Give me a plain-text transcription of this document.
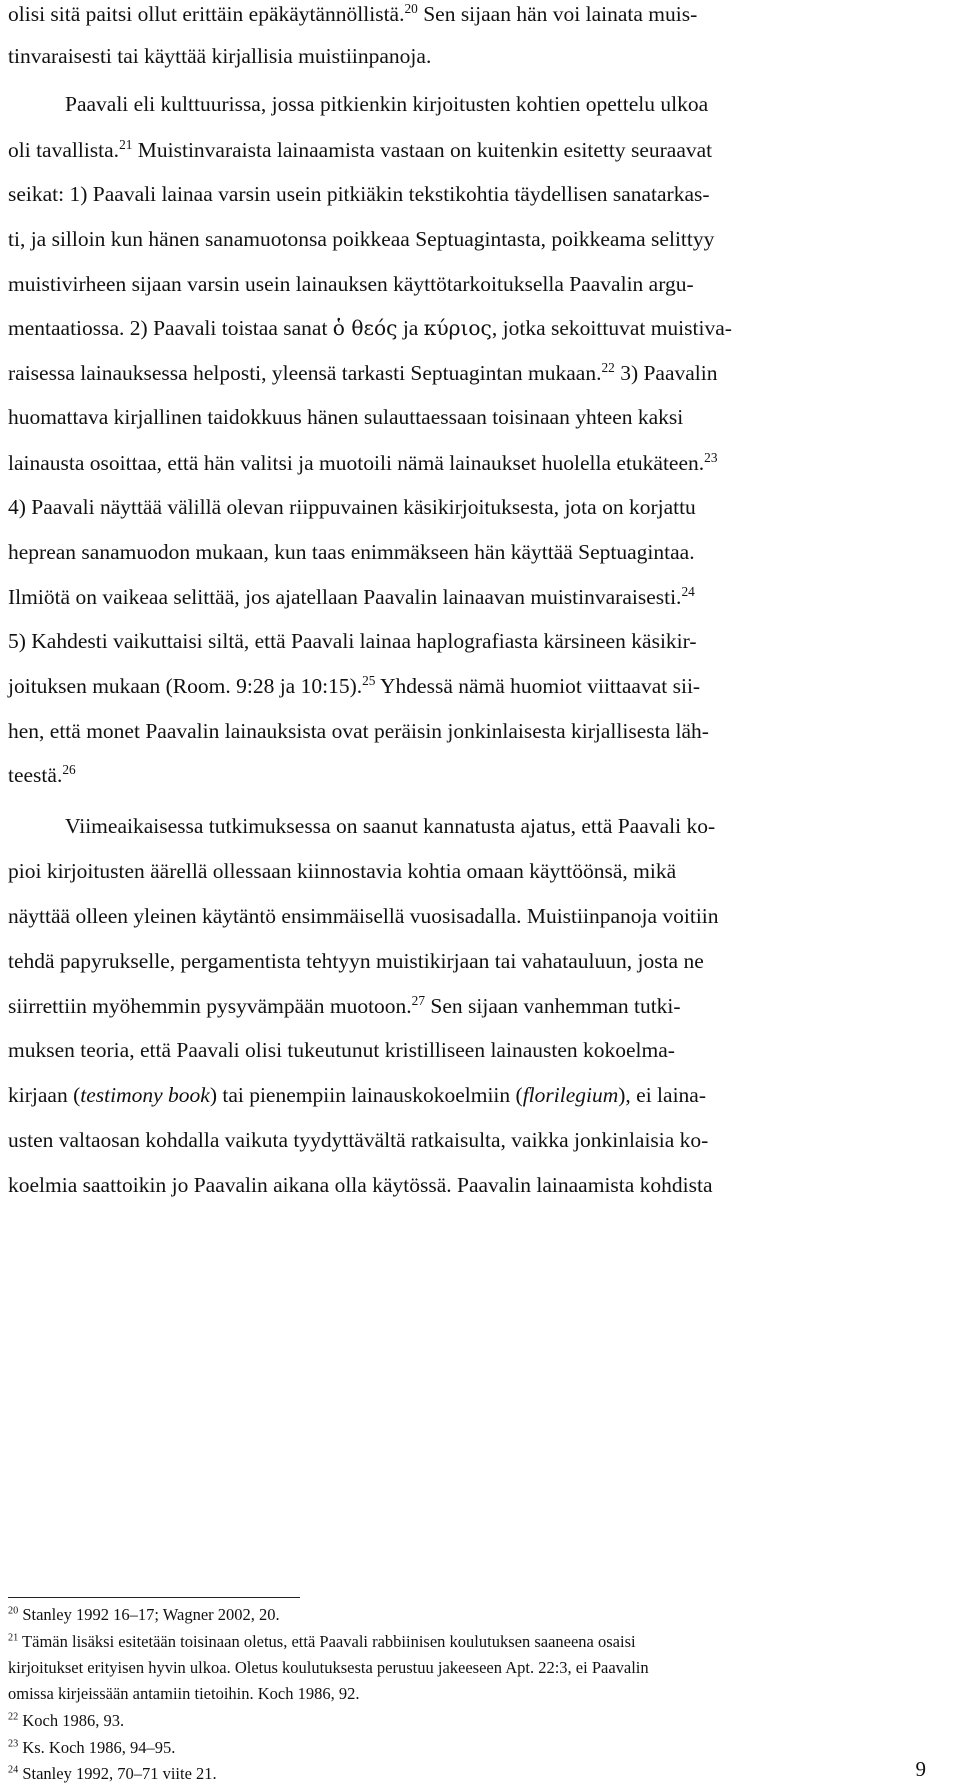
olisi sitä paitsi ollut erittäin epäkäytännöllistä.$^{20}$ Sen sijaan hän voi lainata muis-
tinvaraisesti tai käyttää kirjallisia muistiinpanoja.
Paavali eli kulttuurissa, jossa pitkienkin kirjoitusten kohtien opettelu ulkoa
oli tavallista.$^{21}$ Muistinvaraista lainaamista vastaan on kuitenkin esitetty seuraavat
seikat: 1) Paavali lainaa varsin usein pitkiäkin tekstikohtia täydellisen sanatarkas-
ti, ja silloin kun hänen sanamuotonsa poikkeaa Septuagintasta, poikkeama selittyy
muistivirheen sijaan varsin usein lainauksen käyttötarkoituksella Paavalin argu-
mentaatiossa. 2) Paavali toistaa sanat ὁ θεός ja κύριος, jotka sekoittuvat muistiva-
raisessa lainauksessa helposti, yleensä tarkasti Septuagintan mukaan.$^{22}$ 3) Paavalin
huomattava kirjallinen taidokkuus hänen sulauttaessaan toisinaan yhteen kaksi
lainausta osoittaa, että hän valitsi ja muotoili nämä lainaukset huolella etukäteen.$^{23}$
4) Paavali näyttää välillä olevan riippuvainen käsikirjoituksesta, jota on korjattu
heprean sanamuodon mukaan, kun taas enimmäkseen hän käyttää Septuagintaa.
Ilmiötä on vaikeaa selittää, jos ajatellaan Paavalin lainaavan muistinvaraisesti.$^{24}$
5) Kahdesti vaikuttaisi siltä, että Paavali lainaa haplografiasta kärsineen käsikir-
joituksen mukaan (Room. 9:28 ja 10:15).$^{25}$ Yhdessä nämä huomiot viittaavat sii-
hen, että monet Paavalin lainauksista ovat peräisin jonkinlaisesta kirjallisesta läh-
teestä.$^{26}$
Viimeaikaisessa tutkimuksessa on saanut kannatusta ajatus, että Paavali ko-
pioi kirjoitusten äärellä ollessaan kiinnostavia kohtia omaan käyttöönsä, mikä
näyttää olleen yleinen käytäntö ensimmäisellä vuosisadalla. Muistiinpanoja voitiin
tehdä papyrukselle, pergamentista tehtyyn muistikirjaan tai vahatauluun, josta ne
siirrettiin myöhemmin pysyvämpään muotoon.$^{27}$ Sen sijaan vanhemman tutki-
muksen teoria, että Paavali olisi tukeutunut kristilliseen lainausten kokoelma-
kirjaan (testimony book) tai pienempiin lainauskokoelmiin (florilegium), ei laina-
usten valtaosan kohdalla vaikuta tyydyttävältä ratkaisulta, vaikka jonkinlaisia ko-
koelmia saattoikin jo Paavalin aikana olla käytössä. Paavalin lainaamista kohdista
$^{20}$ Stanley 1992 16–17; Wagner 2002, 20.
$^{21}$ Tämän lisäksi esitetään toisinaan oletus, että Paavali rabbiinisen koulutuksen saaneena osaisi
kirjoitukset erityisen hyvin ulkoa. Oletus koulutuksesta perustuu jakeeseen Apt. 22:3, ei Paavalin
omissa kirjeissään antamiin tietoihin. Koch 1986, 92.
$^{22}$ Koch 1986, 93.
$^{23}$ Ks. Koch 1986, 94–95.
$^{24}$ Stanley 1992, 70–71 viite 21.	9
